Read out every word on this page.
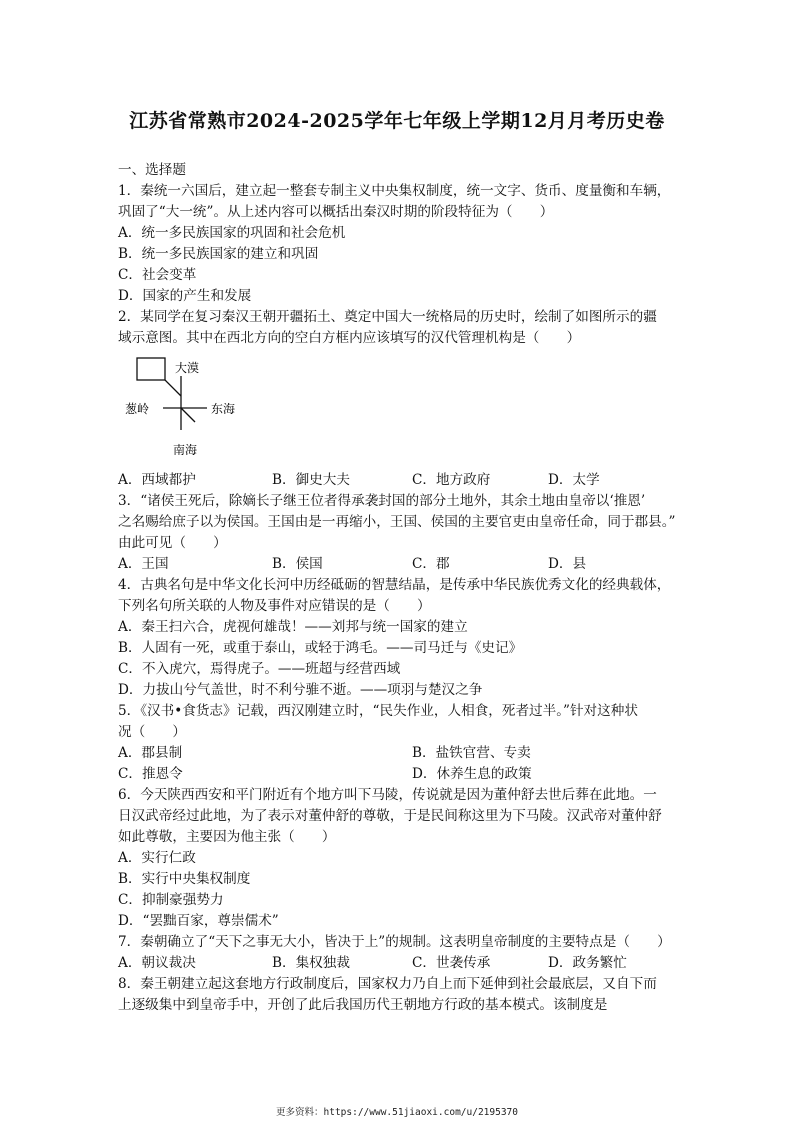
江苏省常熟市2024-2025学年七年级上学期12月月考历史卷
一、选择题
1．秦统一六国后，建立起一整套专制主义中央集权制度，统一文字、货币、度量衡和车辆，
巩固了“大一统”。从上述内容可以概括出秦汉时期的阶段特征为（　　）
A．统一多民族国家的巩固和社会危机
B．统一多民族国家的建立和巩固
C．社会变革
D．国家的产生和发展
2．某同学在复习秦汉王朝开疆拓土、奠定中国大一统格局的历史时，绘制了如图所示的疆
域示意图。其中在西北方向的空白方框内应该填写的汉代管理机构是（　　）
大漠
葱岭	东海
南海
A．西域都护	B．御史大夫	C．地方政府	D．太学
3．“诸侯王死后，除嫡长子继王位者得承袭封国的部分土地外，其余土地由皇帝以‘推恩’
之名赐给庶子以为侯国。王国由是一再缩小，王国、侯国的主要官吏由皇帝任命，同于郡县。”
由此可见（　　）
A．王国	B．侯国	C．郡	D．县
4．古典名句是中华文化长河中历经砥砺的智慧结晶，是传承中华民族优秀文化的经典载体，
下列名句所关联的人物及事件对应错误的是（　　）
A．秦王扫六合，虎视何雄哉！——刘邦与统一国家的建立
B．人固有一死，或重于泰山，或轻于鸿毛。——司马迁与《史记》
C．不入虎穴，焉得虎子。——班超与经营西域
D．力拔山兮气盖世，时不利兮骓不逝。——项羽与楚汉之争
5．《汉书•食货志》记载，西汉刚建立时，“民失作业，人相食，死者过半。”针对这种状
况（　　）
A．郡县制	B．盐铁官营、专卖
C．推恩令	D．休养生息的政策
6．今天陕西西安和平门附近有个地方叫下马陵，传说就是因为董仲舒去世后葬在此地。一
日汉武帝经过此地，为了表示对董仲舒的尊敬，于是民间称这里为下马陵。汉武帝对董仲舒
如此尊敬，主要因为他主张（　　）
A．实行仁政
B．实行中央集权制度
C．抑制豪强势力
D．“罢黜百家，尊崇儒术”
7．秦朝确立了“天下之事无大小，皆决于上”的规制。这表明皇帝制度的主要特点是（　　）
A．朝议裁决	B．集权独裁	C．世袭传承	D．政务繁忙
8．秦王朝建立起这套地方行政制度后，国家权力乃自上而下延伸到社会最底层，又自下而
上逐级集中到皇帝手中，开创了此后我国历代王朝地方行政的基本模式。该制度是
更多资料：https://www.51jiaoxi.com/u/2195370
